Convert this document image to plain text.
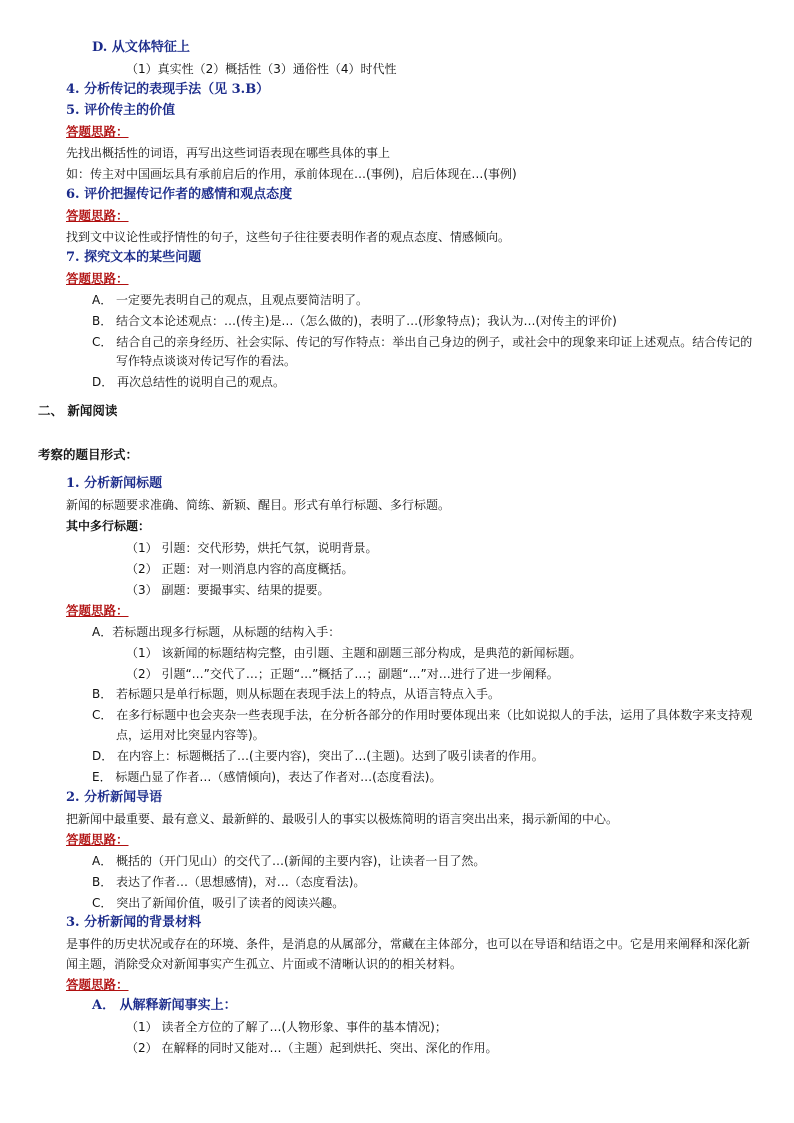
D. 从文体特征上
（1）真实性（2）概括性（3）通俗性（4）时代性
4. 分析传记的表现手法（见 3.B）
5. 评价传主的价值
答题思路：
先找出概括性的词语，再写出这些词语表现在哪些具体的事上
如：传主对中国画坛具有承前启后的作用，承前体现在…(事例)，启后体现在…(事例)
6. 评价把握传记作者的感情和观点态度
答题思路：
找到文中议论性或抒情性的句子，这些句子往往要表明作者的观点态度、情感倾向。
7. 探究文本的某些问题
答题思路：
A． 一定要先表明自己的观点，且观点要简洁明了。
B． 结合文本论述观点：…(传主)是…（怎么做的)，表明了…(形象特点)；我认为…(对传主的评价)
C． 结合自己的亲身经历、社会实际、传记的写作特点：举出自己身边的例子，或社会中的现象来印证上述观点。结合传记的
写作特点谈谈对传记写作的看法。
D． 再次总结性的说明自己的观点。
二、 新闻阅读
考察的题目形式：
1. 分析新闻标题
新闻的标题要求准确、简练、新颖、醒目。形式有单行标题、多行标题。
其中多行标题：
（1） 引题：交代形势，烘托气氛，说明背景。
（2） 正题：对一则消息内容的高度概括。
（3） 副题：要撮事实、结果的提要。
答题思路：
A．若标题出现多行标题，从标题的结构入手：
（1） 该新闻的标题结构完整，由引题、主题和副题三部分构成，是典范的新闻标题。
（2） 引题“…”交代了…；正题“…”概括了…；副题“…”对…进行了进一步阐释。
B． 若标题只是单行标题，则从标题在表现手法上的特点，从语言特点入手。
C． 在多行标题中也会夹杂一些表现手法，在分析各部分的作用时要体现出来（比如说拟人的手法，运用了具体数字来支持观
点，运用对比突显内容等)。
D． 在内容上：标题概括了…(主要内容)，突出了…(主题)。达到了吸引读者的作用。
E． 标题凸显了作者…（感情倾向)，表达了作者对…(态度看法)。
2. 分析新闻导语
把新闻中最重要、最有意义、最新鲜的、最吸引人的事实以极炼简明的语言突出出来，揭示新闻的中心。
答题思路：
A． 概括的（开门见山）的交代了…(新闻的主要内容)，让读者一目了然。
B． 表达了作者…（思想感情)，对…（态度看法)。
C． 突出了新闻价值，吸引了读者的阅读兴趣。
3. 分析新闻的背景材料
是事件的历史状况或存在的环境、条件，是消息的从属部分，常藏在主体部分，也可以在导语和结语之中。它是用来阐释和深化新
闻主题，消除受众对新闻事实产生孤立、片面或不清晰认识的的相关材料。
答题思路：
A． 从解释新闻事实上：
（1） 读者全方位的了解了…(人物形象、事件的基本情况)；
（2） 在解释的同时又能对…（主题）起到烘托、突出、深化的作用。
